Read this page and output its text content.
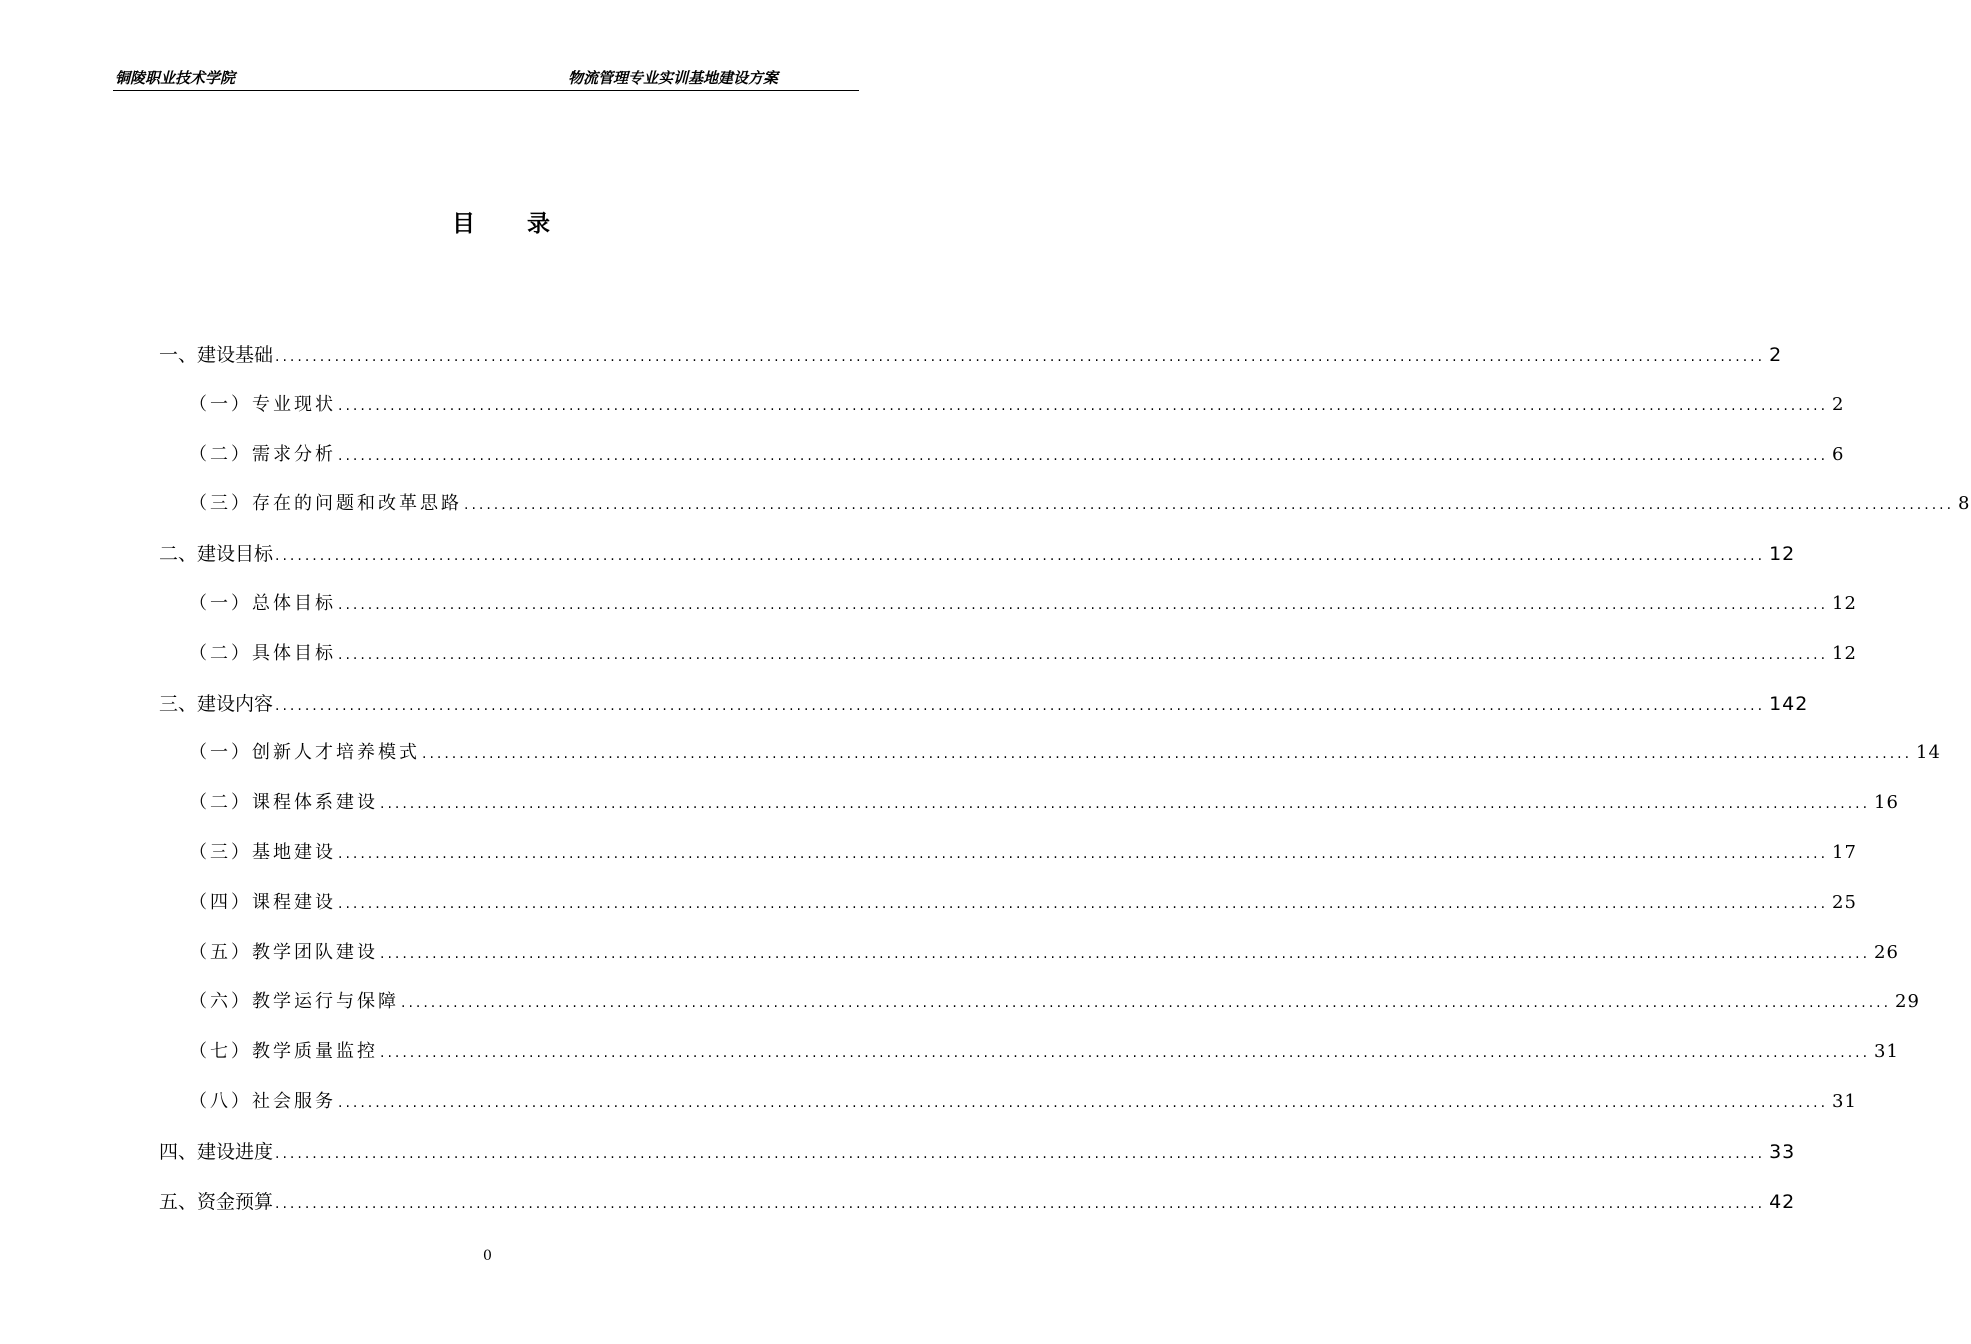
铜陵职业技术学院	物流管理专业实训基地建设方案
目 录
一、建设基础 ........................................................................................................................................................................................................ 2
（一）专业现状 ........................................................................................................................................................................................................ 2
（二）需求分析 ........................................................................................................................................................................................................ 6
（三）存在的问题和改革思路 ........................................................................................................................................................................................................ 8
二、建设目标 ........................................................................................................................................................................................................ 12
（一）总体目标 ........................................................................................................................................................................................................ 12
（二）具体目标 ........................................................................................................................................................................................................ 12
三、建设内容 ........................................................................................................................................................................................................ 142
（一）创新人才培养模式 ........................................................................................................................................................................................................ 14
（二）课程体系建设 ........................................................................................................................................................................................................ 16
（三）基地建设 ........................................................................................................................................................................................................ 17
（四）课程建设 ........................................................................................................................................................................................................ 25
（五）教学团队建设 ........................................................................................................................................................................................................ 26
（六）教学运行与保障 ........................................................................................................................................................................................................ 29
（七）教学质量监控 ........................................................................................................................................................................................................ 31
（八）社会服务 ........................................................................................................................................................................................................ 31
四、建设进度 ........................................................................................................................................................................................................ 33
五、资金预算 ........................................................................................................................................................................................................ 42
0
